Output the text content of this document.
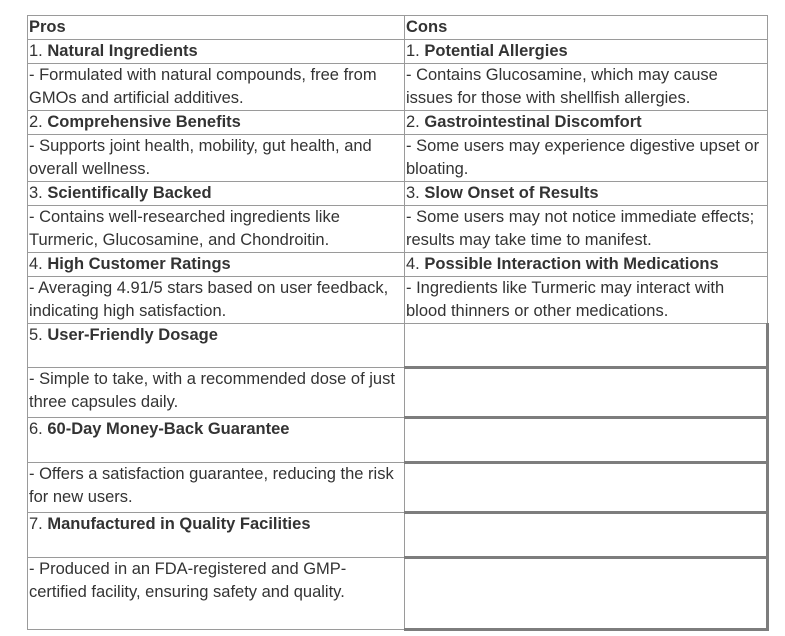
Pros	Cons
1. Natural Ingredients	1. Potential Allergies
- Formulated with natural compounds, free from GMOs and artificial additives.	- Contains Glucosamine, which may cause issues for those with shellfish allergies.
2. Comprehensive Benefits	2. Gastrointestinal Discomfort
- Supports joint health, mobility, gut health, and overall wellness.	- Some users may experience digestive upset or bloating.
3. Scientifically Backed	3. Slow Onset of Results
- Contains well-researched ingredients like Turmeric, Glucosamine, and Chondroitin.	- Some users may not notice immediate effects; results may take time to manifest.
4. High Customer Ratings	4. Possible Interaction with Medications
- Averaging 4.91/5 stars based on user feedback, indicating high satisfaction.	- Ingredients like Turmeric may interact with blood thinners or other medications.
5. User-Friendly Dosage	
- Simple to take, with a recommended dose of just three capsules daily.	
6. 60-Day Money-Back Guarantee	
- Offers a satisfaction guarantee, reducing the risk for new users.	
7. Manufactured in Quality Facilities	
- Produced in an FDA-registered and GMP-certified facility, ensuring safety and quality.	
